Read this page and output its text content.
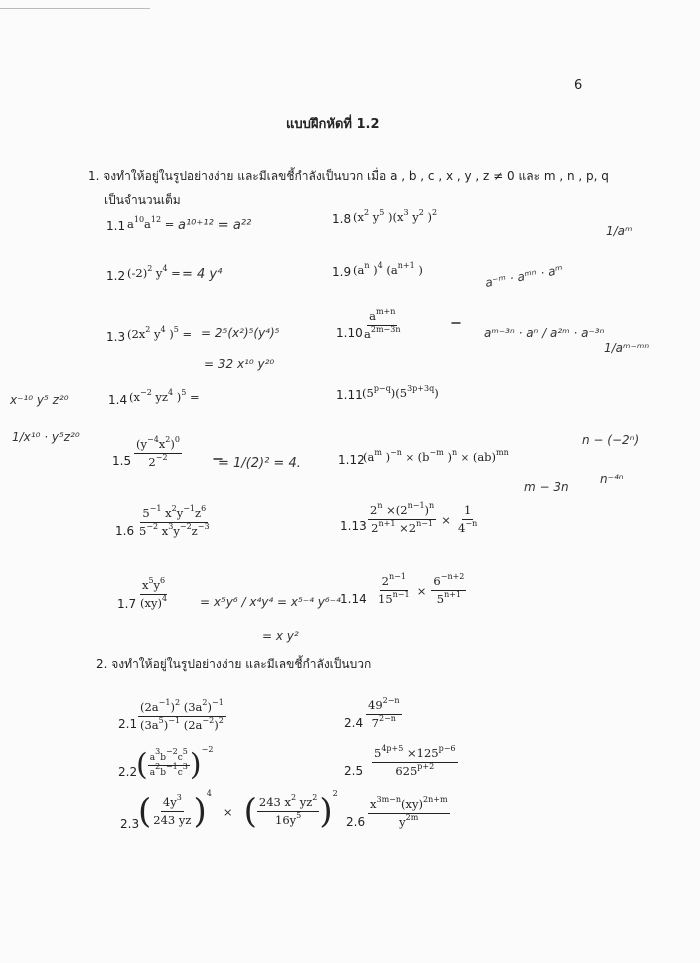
6
แบบฝึกหัดที่ 1.2
1. จงทำให้อยู่ในรูปอย่างง่าย และมีเลขชี้กำลังเป็นบวก เมื่อ a , b , c , x , y , z ≠ 0 และ m , n , p, q
เป็นจำนวนเต็ม
1.1 $a^{10}a^{12}$ =
1.2 $(-2)^2$ $y^4$ =
1.3 ($2x^2$ $y^4$ )$^5$ =
1.4 ($x^{-2}$ $yz^4$ )$^5$ =
$1.5 \frac{(y^{-4}x^2)^0}{2^{-2}}$
$1.6 \frac{5^{-1} x^2y^{-1}z^6}{5^{-2} x^3y^{-2}z^{-3}}$
$1.7 \frac{x^5y^6}{(xy)^4}$
1.8 ($x^2$ $y^5$ )($x^3$ $y^2$ )$^2$
1.9 ($a^n$ )$^4$ ($a^{n+1}$ )
$1.10 \frac{a^{m+n}}{a^{2m-3n}}$
1.11 $(5^{p-q})(5^{3p+3q})$
1.12
($a^m$ )$^{-n} \times (b^{-m}$ )$^n$ × (ab)$^{mn}$
$1.13 \frac{2^n \times(2^{n-1})^n}{2^{n+1} \times 2^{n-1}} \times \frac{1}{4^{-n}}$
$1.14 \frac{2^{n-1}}{15^{n-1}} \times \frac{6^{-n+2}}{5^{n+1}}$
2. จงทำให้อยู่ในรูปอย่างง่าย และมีเลขชี้กำลังเป็นบวก
$2.1 \frac{(2a^{-1})^2 (3a^2)^{-1}}{(3a^5)^{-1} (2a^{-2})^2}$
2.2
( $\frac{a^3b^{-2}c^5}{a^2b^{-1}c^3} )^{-2}$
2.3
( $\frac{4y^3}{243 yz} )^4$ × ( $\frac{243 x^2 yz^2}{16y^5} )^2$
$2.4 \frac{49^{2-n}}{7^{2-n}}$
$2.5 \frac{5^{4p+5} \times 125^{p-6}}{625^{p+2}}$
$2.6 \frac{x^{3m-n}(xy)^{2n+m}}{y^{2m}}$
a¹⁰⁺¹² = a²²
= 4 y⁴
= 2⁵(x²)⁵(y⁴)⁵
= 32 x¹⁰ y²⁰
x⁻¹⁰ y⁵ z²⁰
1/x¹⁰ · y⁵z²⁰
= 1/(2)² = 4.
= x⁵y⁶ / x⁴y⁴ = x⁵⁻⁴ y⁶⁻⁴
= x y²
a⁻ᵐ · aᵐⁿ · aᵐ
1/aᵐ
aᵐ⁻³ⁿ · aⁿ / a²ᵐ · a⁻³ⁿ
1/aᵐ⁻ᵐⁿ
n − (−2ⁿ)
m − 3n
n⁻⁴ⁿ
